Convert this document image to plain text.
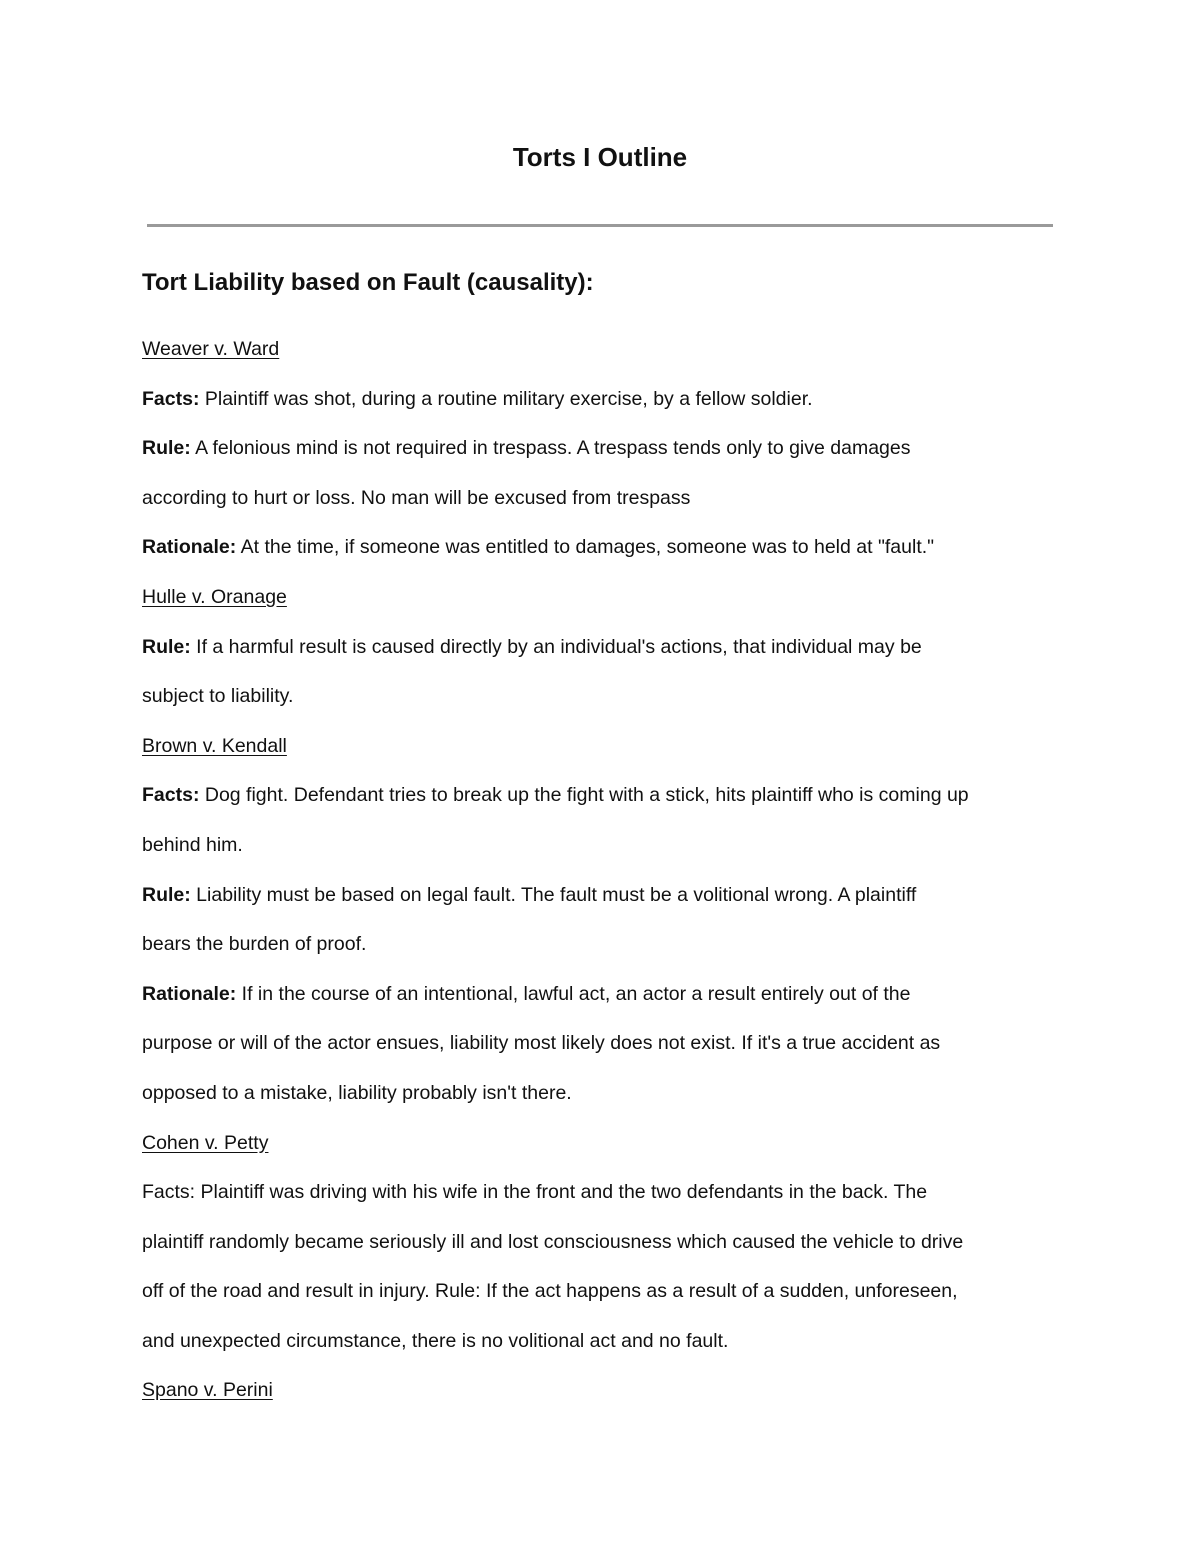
Torts I Outline
Tort Liability based on Fault (causality):

Weaver v. Ward

Facts: Plaintiff was shot, during a routine military exercise, by a fellow soldier.

Rule: A felonious mind is not required in trespass. A trespass tends only to give damages

according to hurt or loss. No man will be excused from trespass

Rationale: At the time, if someone was entitled to damages, someone was to held at "fault."

Hulle v. Oranage

Rule: If a harmful result is caused directly by an individual's actions, that individual may be

subject to liability.

Brown v. Kendall

Facts: Dog fight. Defendant tries to break up the fight with a stick, hits plaintiff who is coming up

behind him.

Rule: Liability must be based on legal fault. The fault must be a volitional wrong. A plaintiff

bears the burden of proof.

Rationale: If in the course of an intentional, lawful act, an actor a result entirely out of the

purpose or will of the actor ensues, liability most likely does not exist. If it's a true accident as

opposed to a mistake, liability probably isn't there.

Cohen v. Petty

Facts: Plaintiff was driving with his wife in the front and the two defendants in the back. The

plaintiff randomly became seriously ill and lost consciousness which caused the vehicle to drive

off of the road and result in injury. Rule: If the act happens as a result of a sudden, unforeseen,

and unexpected circumstance, there is no volitional act and no fault.

Spano v. Perini
